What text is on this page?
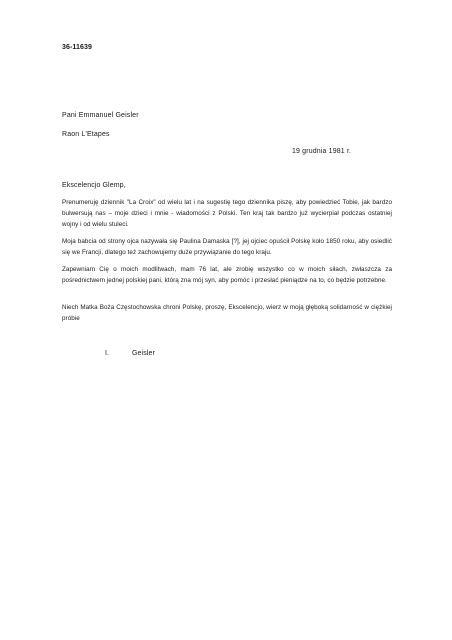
36-11639
Pani Emmanuel Geisler
Raon L'Etapes
19 grudnia 1981 r.
Ekscelencjo Glemp,
Prenumeruję dziennik "La Croix" od wielu lat i na sugestię tego dziennika piszę, aby powiedzieć Tobie, jak bardzo bulwersują nas – moje dzieci i mnie - wiadomości z Polski. Ten kraj tak bardzo już wycierpiał podczas ostatniej wojny i od wielu stuleci.
Moja babcia od strony ojca nazywała się Paulina Damaska [?], jej ojciec opuścił Polskę koło 1850 roku, aby osiedlić się we Francji, dlatego też zachowujemy duże przywiązanie do tego kraju.
Zapewniam Cię o moich modlitwach, mam 76 lat, ale zrobię wszystko co w moich siłach, zwłaszcza za pośrednictwem jednej polskiej pani, którą zna mój syn, aby pomóc i przesłać pieniądze na to, co będzie potrzebne.
Niech Matka Boża Częstochowska chroni Polskę, proszę, Ekscelencjo, wierz w moją głęboką solidarność w ciężkiej próbie
I.	Geisler
